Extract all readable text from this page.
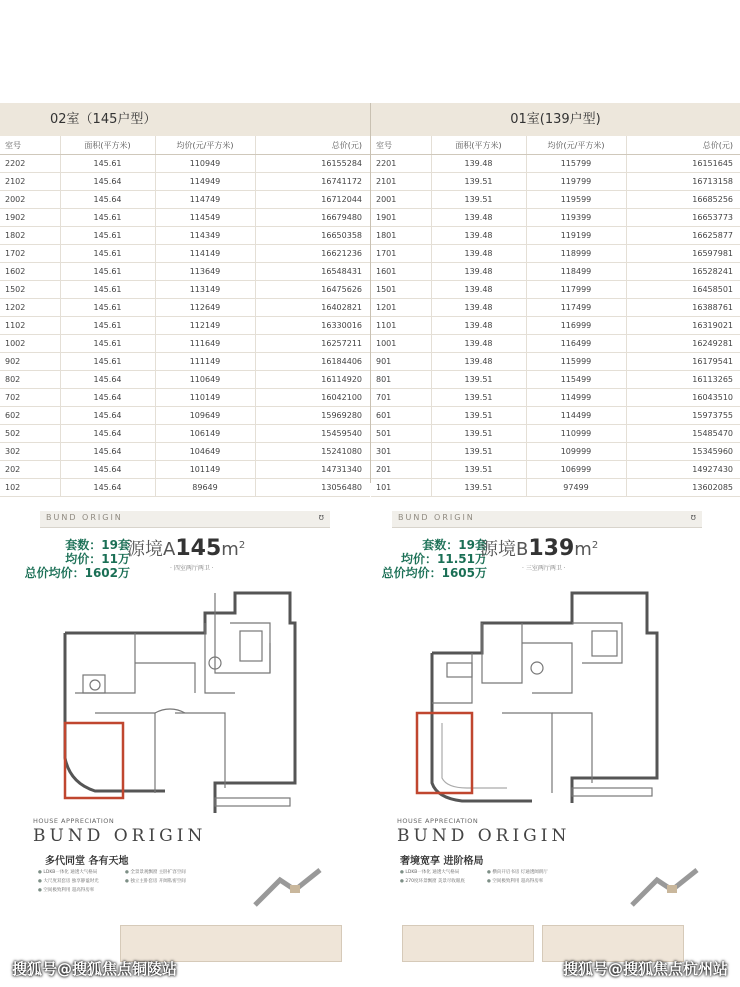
02室（145户型）
室号	面积(平方米)	均价(元/平方米)	总价(元)
2202	145.61	110949	16155284
2102	145.64	114949	16741172
2002	145.64	114749	16712044
1902	145.61	114549	16679480
1802	145.61	114349	16650358
1702	145.61	114149	16621236
1602	145.61	113649	16548431
1502	145.61	113149	16475626
1202	145.61	112649	16402821
1102	145.61	112149	16330016
1002	145.61	111649	16257211
902	145.61	111149	16184406
802	145.64	110649	16114920
702	145.64	110149	16042100
602	145.64	109649	15969280
502	145.64	106149	15459540
302	145.64	104649	15241080
202	145.64	101149	14731340
102	145.64	89649	13056480
01室(139户型)
室号	面积(平方米)	均价(元/平方米)	总价(元)
2201	139.48	115799	16151645
2101	139.51	119799	16713158
2001	139.51	119599	16685256
1901	139.48	119399	16653773
1801	139.48	119199	16625877
1701	139.48	118999	16597981
1601	139.48	118499	16528241
1501	139.48	117999	16458501
1201	139.48	117499	16388761
1101	139.48	116999	16319021
1001	139.48	116499	16249281
901	139.48	115999	16179541
801	139.51	115499	16113265
701	139.51	114999	16043510
601	139.51	114499	15973755
501	139.51	110999	15485470
301	139.51	109999	15345960
201	139.51	106999	14927430
101	139.51	97499	13602085
BUND ORIGIN	ʊ
套数：19套
均价：11万
总价均价：1602万
源境$A145m^2$
· 四室两厅两卫 ·
HOUSE APPRECIATION
BUND ORIGIN
多代同堂 各有天地
● LDKB一体化 通透大气格局	● 全景景观飘窗 主卧扩容空间
● 大尺度双套房 独享静谧时光	● 独立主卧套房 开阔私密空间
● 空间极致利用 超高得房率
BUND ORIGIN	ʊ
套数：19套
均价：11.51万
总价均价：1605万
源境$B139m^2$
· 三室两厅两卫 ·
HOUSE APPRECIATION
BUND ORIGIN
奢境宽享 进阶格局
● LDKB一体化 通透大气格局	● 横向开启书房 灯通透阔朗厅
● 270度环景飘窗 美景尽收眼底	● 空间极致利用 超高得房率
搜狐号@搜狐焦点铜陵站	搜狐号@搜狐焦点杭州站
